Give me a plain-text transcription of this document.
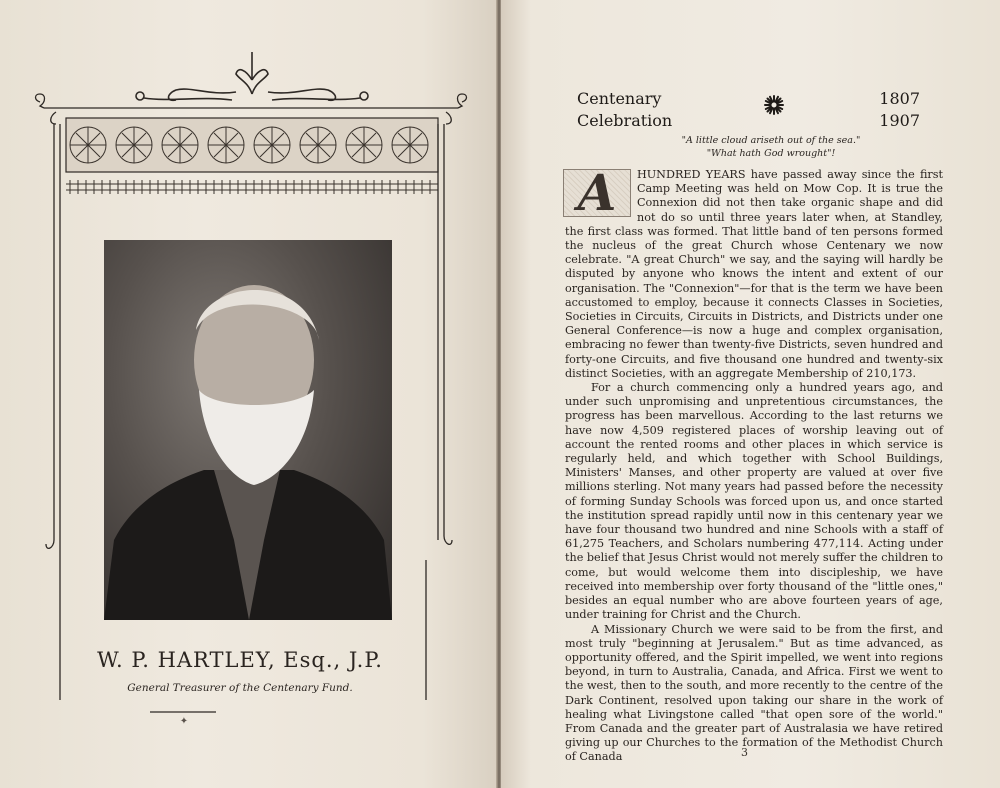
W. P. HARTLEY, Esq., J.P.
General Treasurer of the Centenary Fund.
✦
Centenary
Celebration
1807
1907
"A little cloud ariseth out of the sea."
"What hath God wrought"!

A	HUNDRED YEARS have passed away since the first Camp Meeting was held on Mow Cop. It is true the Connexion did not then take organic shape and did not do so until three years later when, at Standley, the first class was formed. That little band of ten persons formed the nucleus of the great Church whose Centenary we now celebrate. "A great Church" we say, and the saying will hardly be disputed by anyone who knows the intent and extent of our organisation. The "Connexion"—for that is the term we have been accustomed to employ, because it connects Classes in Societies, Societies in Circuits, Circuits in Districts, and Districts under one General Conference—is now a huge and complex organisation, embracing no fewer than twenty-five Districts, seven hundred and forty-one Circuits, and five thousand one hundred and twenty-six distinct Societies, with an aggregate Membership of 210,173.

For a church commencing only a hundred years ago, and under such unpromising and unpretentious circumstances, the progress has been marvellous. According to the last returns we have now 4,509 registered places of worship leaving out of account the rented rooms and other places in which service is regularly held, and which together with School Buildings, Ministers' Manses, and other property are valued at over five millions sterling. Not many years had passed before the necessity of forming Sunday Schools was forced upon us, and once started the institution spread rapidly until now in this centenary year we have four thousand two hundred and nine Schools with a staff of 61,275 Teachers, and Scholars numbering 477,114. Acting under the belief that Jesus Christ would not merely suffer the children to come, but would welcome them into discipleship, we have received into membership over forty thousand of the "little ones," besides an equal number who are above fourteen years of age, under training for Christ and the Church.

A Missionary Church we were said to be from the first, and most truly "beginning at Jerusalem." But as time advanced, as opportunity offered, and the Spirit impelled, we went into regions beyond, in turn to Australia, Canada, and Africa. First we went to the west, then to the south, and more recently to the centre of the Dark Continent, resolved upon taking our share in the work of healing what Livingstone called "that open sore of the world." From Canada and the greater part of Australasia we have retired giving up our Churches to the formation of the Methodist Church of Canada	3
